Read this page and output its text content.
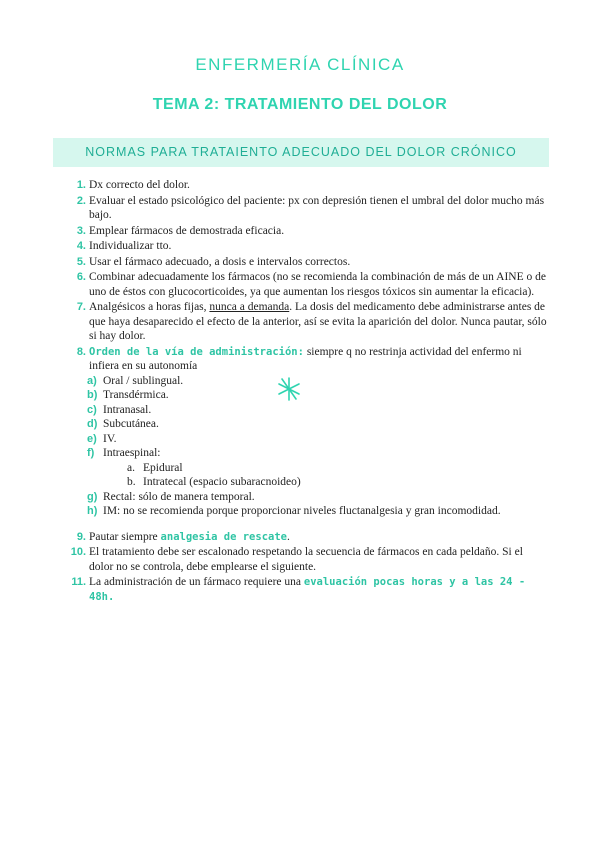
ENFERMERÍA CLÍNICA
TEMA 2: TRATAMIENTO DEL DOLOR
NORMAS PARA TRATAIENTO ADECUADO DEL DOLOR CRÓNICO
1. Dx correcto del dolor.
2. Evaluar el estado psicológico del paciente: px con depresión tienen el umbral del dolor mucho más bajo.
3. Emplear fármacos de demostrada eficacia.
4. Individualizar tto.
5. Usar el fármaco adecuado, a dosis e intervalos correctos.
6. Combinar adecuadamente los fármacos (no se recomienda la combinación de más de un AINE o de uno de éstos con glucocorticoides, ya que aumentan los riesgos tóxicos sin aumentar la eficacia).
7. Analgésicos a horas fijas, nunca a demanda. La dosis del medicamento debe administrarse antes de que haya desaparecido el efecto de la anterior, así se evita la aparición del dolor. Nunca pautar, sólo si hay dolor.
8. Orden de la vía de administración: siempre q no restrinja actividad del enfermo ni infiera en su autonomía
a) Oral / sublingual.
b) Transdérmica.
c) Intranasal.
d) Subcutánea.
e) IV.
f) Intraespinal:
a. Epidural
b. Intratecal (espacio subaracnoideo)
g) Rectal: sólo de manera temporal.
h) IM: no se recomienda porque proporcionar niveles fluctanalgesia y gran incomodidad.
9. Pautar siempre analgesia de rescate.
10. El tratamiento debe ser escalonado respetando la secuencia de fármacos en cada peldaño. Si el dolor no se controla, debe emplearse el siguiente.
11. La administración de un fármaco requiere una evaluación pocas horas y a las 24 - 48h.
